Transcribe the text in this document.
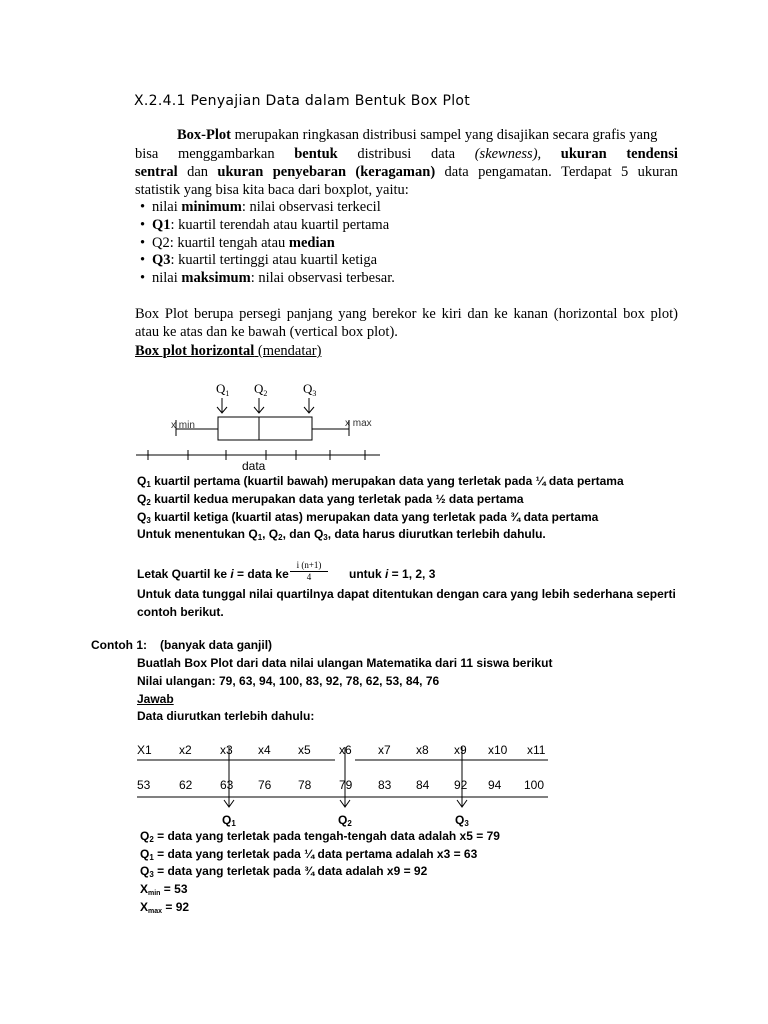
X.2.4.1 Penyajian Data dalam Bentuk Box Plot
Box-Plot merupakan ringkasan distribusi sampel yang disajikan secara grafis yang
bisa menggambarkan bentuk distribusi data (skewness), ukuran tendensi
sentral dan ukuran penyebaran (keragaman) data pengamatan. Terdapat 5 ukuran
statistik yang bisa kita baca dari boxplot, yaitu:
• nilai minimum: nilai observasi terkecil
• Q1: kuartil terendah atau kuartil pertama
• Q2: kuartil tengah atau median
• Q3: kuartil tertinggi atau kuartil ketiga
• nilai maksimum: nilai observasi terbesar.
Box Plot berupa persegi panjang yang berekor ke kiri dan ke kanan (horizontal box plot)
atau ke atas dan ke bawah (vertical box plot).
Box plot horizontal (mendatar)
$Q_1$ $Q_2$	$Q_3$
x min	x max
data
$Q_1$ kuartil pertama (kuartil bawah) merupakan data yang terletak pada ¼ data pertama
$Q_2$ kuartil kedua merupakan data yang terletak pada ½ data pertama
$Q_3$ kuartil ketiga (kuartil atas) merupakan data yang terletak pada ¾ data pertama
Untuk menentukan $Q_1$, $Q_2$, dan $Q_3$, data harus diurutkan terlebih dahulu.
Letak Quartil ke i = data ke
i (n+1)
4	untuk i = 1, 2, 3
Untuk data tunggal nilai quartilnya dapat ditentukan dengan cara yang lebih sederhana seperti
contoh berikut.
Contoh 1: (banyak data ganjil)
Buatlah Box Plot dari data nilai ulangan Matematika dari 11 siswa berikut
Nilai ulangan: 79, 63, 94, 100, 83, 92, 78, 62, 53, 84, 76
Jawab
Data diurutkan terlebih dahulu:
X1 x2 x3 x4 x5 x6 x7 x8 x9 x10 x11
53 62 63 76 78 79 83 84 92 94 100
$Q_1$	$Q_2$	$Q_3$
$Q_2$ = data yang terletak pada tengah-tengah data adalah x5 = 79
$Q_1$ = data yang terletak pada ¼ data pertama adalah x3 = 63
$Q_3$ = data yang terletak pada ¾ data adalah x9 = 92
$X_{min} = 53$
$X_{max} = 92$
